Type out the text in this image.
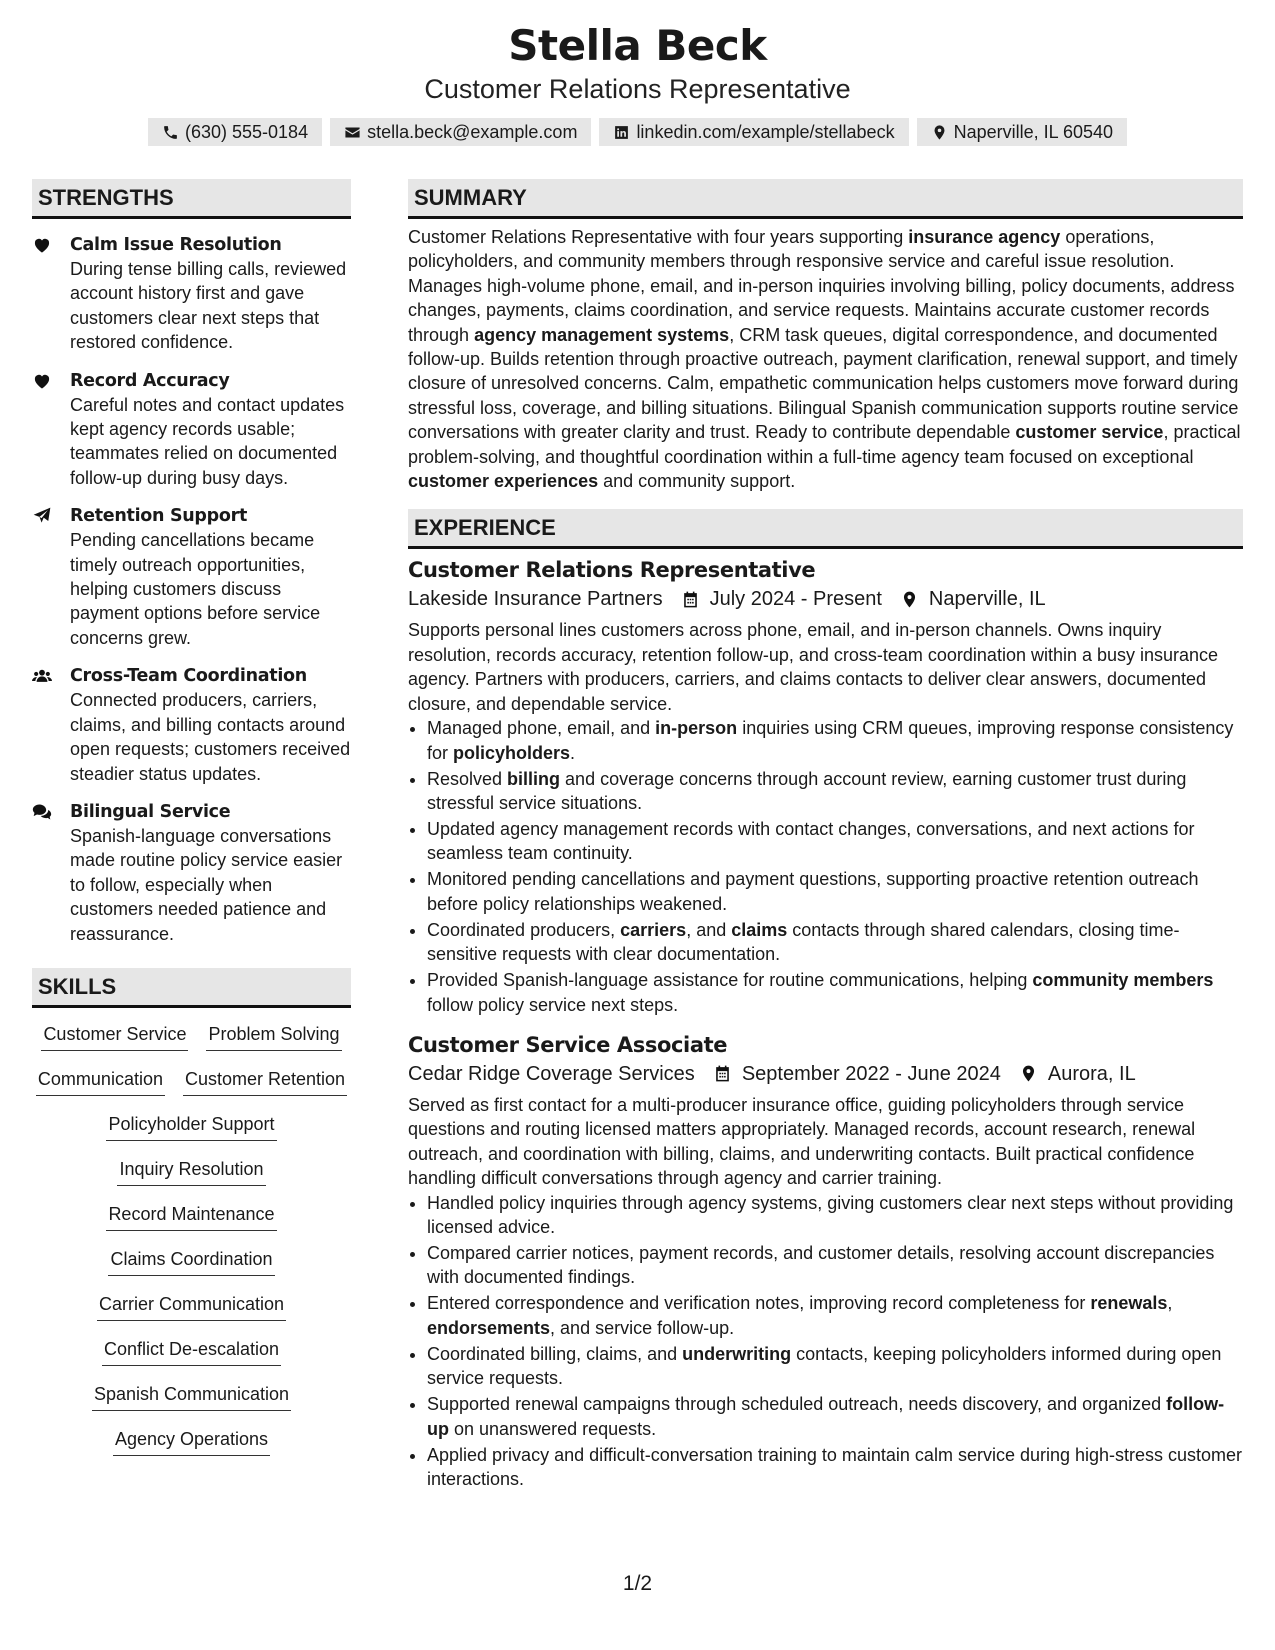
Stella Beck
Customer Relations Representative
(630) 555-0184	stella.beck@example.com	linkedin.com/example/stellabeck	Naperville, IL 60540
STRENGTHS
Calm Issue Resolution
During tense billing calls, reviewed account history first and gave customers clear next steps that restored confidence.
Record Accuracy
Careful notes and contact updates kept agency records usable; teammates relied on documented follow-up during busy days.
Retention Support
Pending cancellations became timely outreach opportunities, helping customers discuss payment options before service concerns grew.
Cross-Team Coordination
Connected producers, carriers, claims, and billing contacts around open requests; customers received steadier status updates.
Bilingual Service
Spanish-language conversations made routine policy service easier to follow, especially when customers needed patience and reassurance.
SKILLS
Customer Service Problem Solving
Communication Customer Retention
Policyholder Support
Inquiry Resolution
Record Maintenance
Claims Coordination
Carrier Communication
Conflict De-escalation
Spanish Communication
Agency Operations
SUMMARY
Customer Relations Representative with four years supporting insurance agency operations, policyholders, and community members through responsive service and careful issue resolution. Manages high-volume phone, email, and in-person inquiries involving billing, policy documents, address changes, payments, claims coordination, and service requests. Maintains accurate customer records through agency management systems, CRM task queues, digital correspondence, and documented follow-up. Builds retention through proactive outreach, payment clarification, renewal support, and timely closure of unresolved concerns. Calm, empathetic communication helps customers move forward during stressful loss, coverage, and billing situations. Bilingual Spanish communication supports routine service conversations with greater clarity and trust. Ready to contribute dependable customer service, practical problem-solving, and thoughtful coordination within a full-time agency team focused on exceptional customer experiences and community support.
EXPERIENCE
Customer Relations Representative
Lakeside Insurance Partners July 2024 - Present Naperville, IL
Supports personal lines customers across phone, email, and in-person channels. Owns inquiry resolution, records accuracy, retention follow-up, and cross-team coordination within a busy insurance agency. Partners with producers, carriers, and claims contacts to deliver clear answers, documented closure, and dependable service.
• Managed phone, email, and in-person inquiries using CRM queues, improving response consistency for policyholders.
• Resolved billing and coverage concerns through account review, earning customer trust during stressful service situations.
• Updated agency management records with contact changes, conversations, and next actions for seamless team continuity.
• Monitored pending cancellations and payment questions, supporting proactive retention outreach before policy relationships weakened.
• Coordinated producers, carriers, and claims contacts through shared calendars, closing time-sensitive requests with clear documentation.
• Provided Spanish-language assistance for routine communications, helping community members follow policy service next steps.
Customer Service Associate
Cedar Ridge Coverage Services September 2022 - June 2024 Aurora, IL
Served as first contact for a multi-producer insurance office, guiding policyholders through service questions and routing licensed matters appropriately. Managed records, account research, renewal outreach, and coordination with billing, claims, and underwriting contacts. Built practical confidence handling difficult conversations through agency and carrier training.
• Handled policy inquiries through agency systems, giving customers clear next steps without providing licensed advice.
• Compared carrier notices, payment records, and customer details, resolving account discrepancies with documented findings.
• Entered correspondence and verification notes, improving record completeness for renewals, endorsements, and service follow-up.
• Coordinated billing, claims, and underwriting contacts, keeping policyholders informed during open service requests.
• Supported renewal campaigns through scheduled outreach, needs discovery, and organized follow-up on unanswered requests.
• Applied privacy and difficult-conversation training to maintain calm service during high-stress customer interactions.
1/2
